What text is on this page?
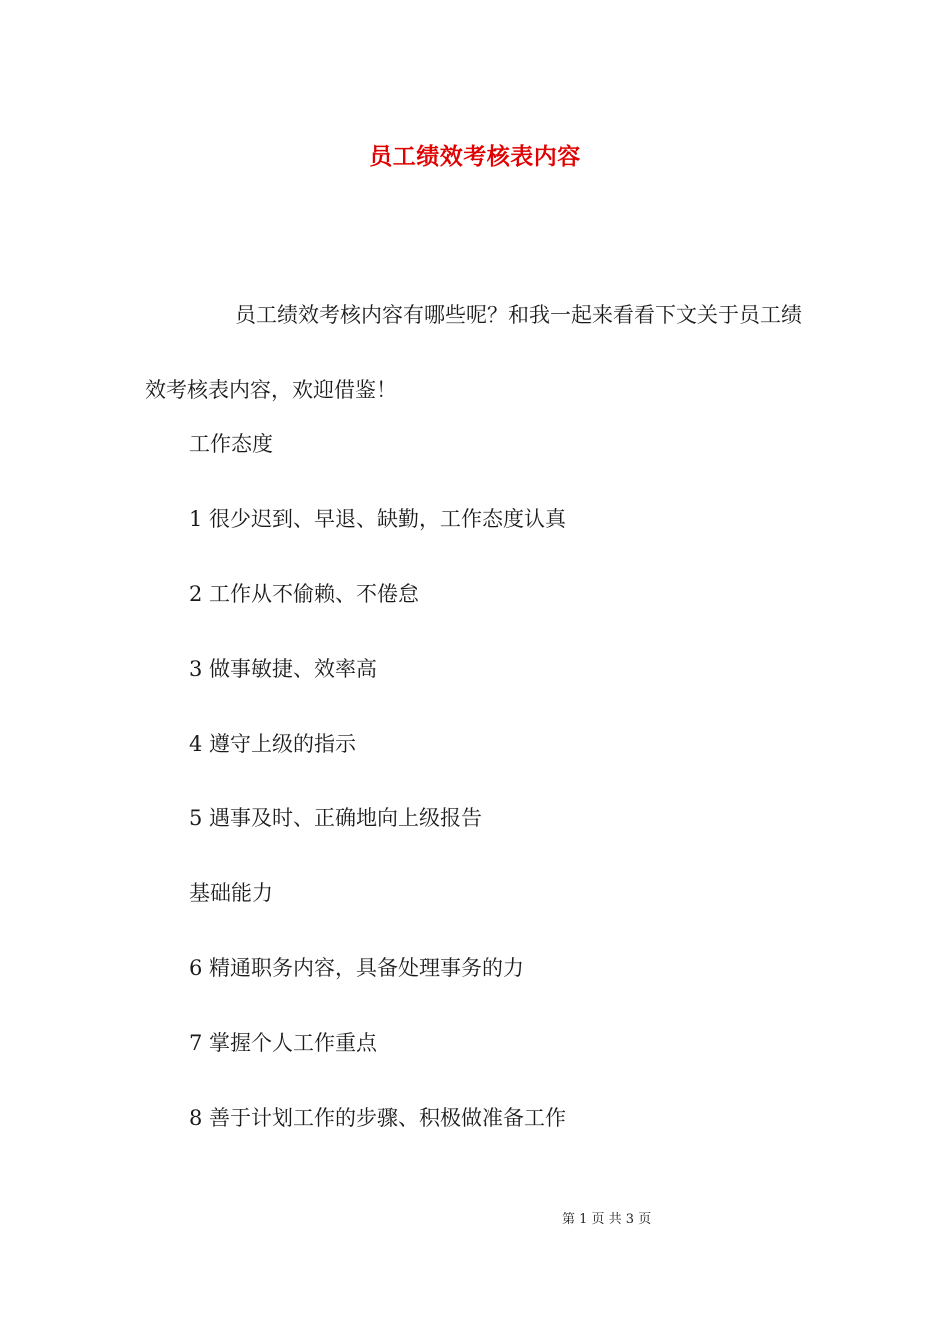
员工绩效考核表内容

员工绩效考核内容有哪些呢？和我一起来看看下文关于员工绩效考核表内容，欢迎借鉴！

工作态度

1 很少迟到、早退、缺勤，工作态度认真

2 工作从不偷赖、不倦怠

3 做事敏捷、效率高

4 遵守上级的指示

5 遇事及时、正确地向上级报告

基础能力

6 精通职务内容，具备处理事务的力

7 掌握个人工作重点

8 善于计划工作的步骤、积极做准备工作

第 1 页 共 3 页
